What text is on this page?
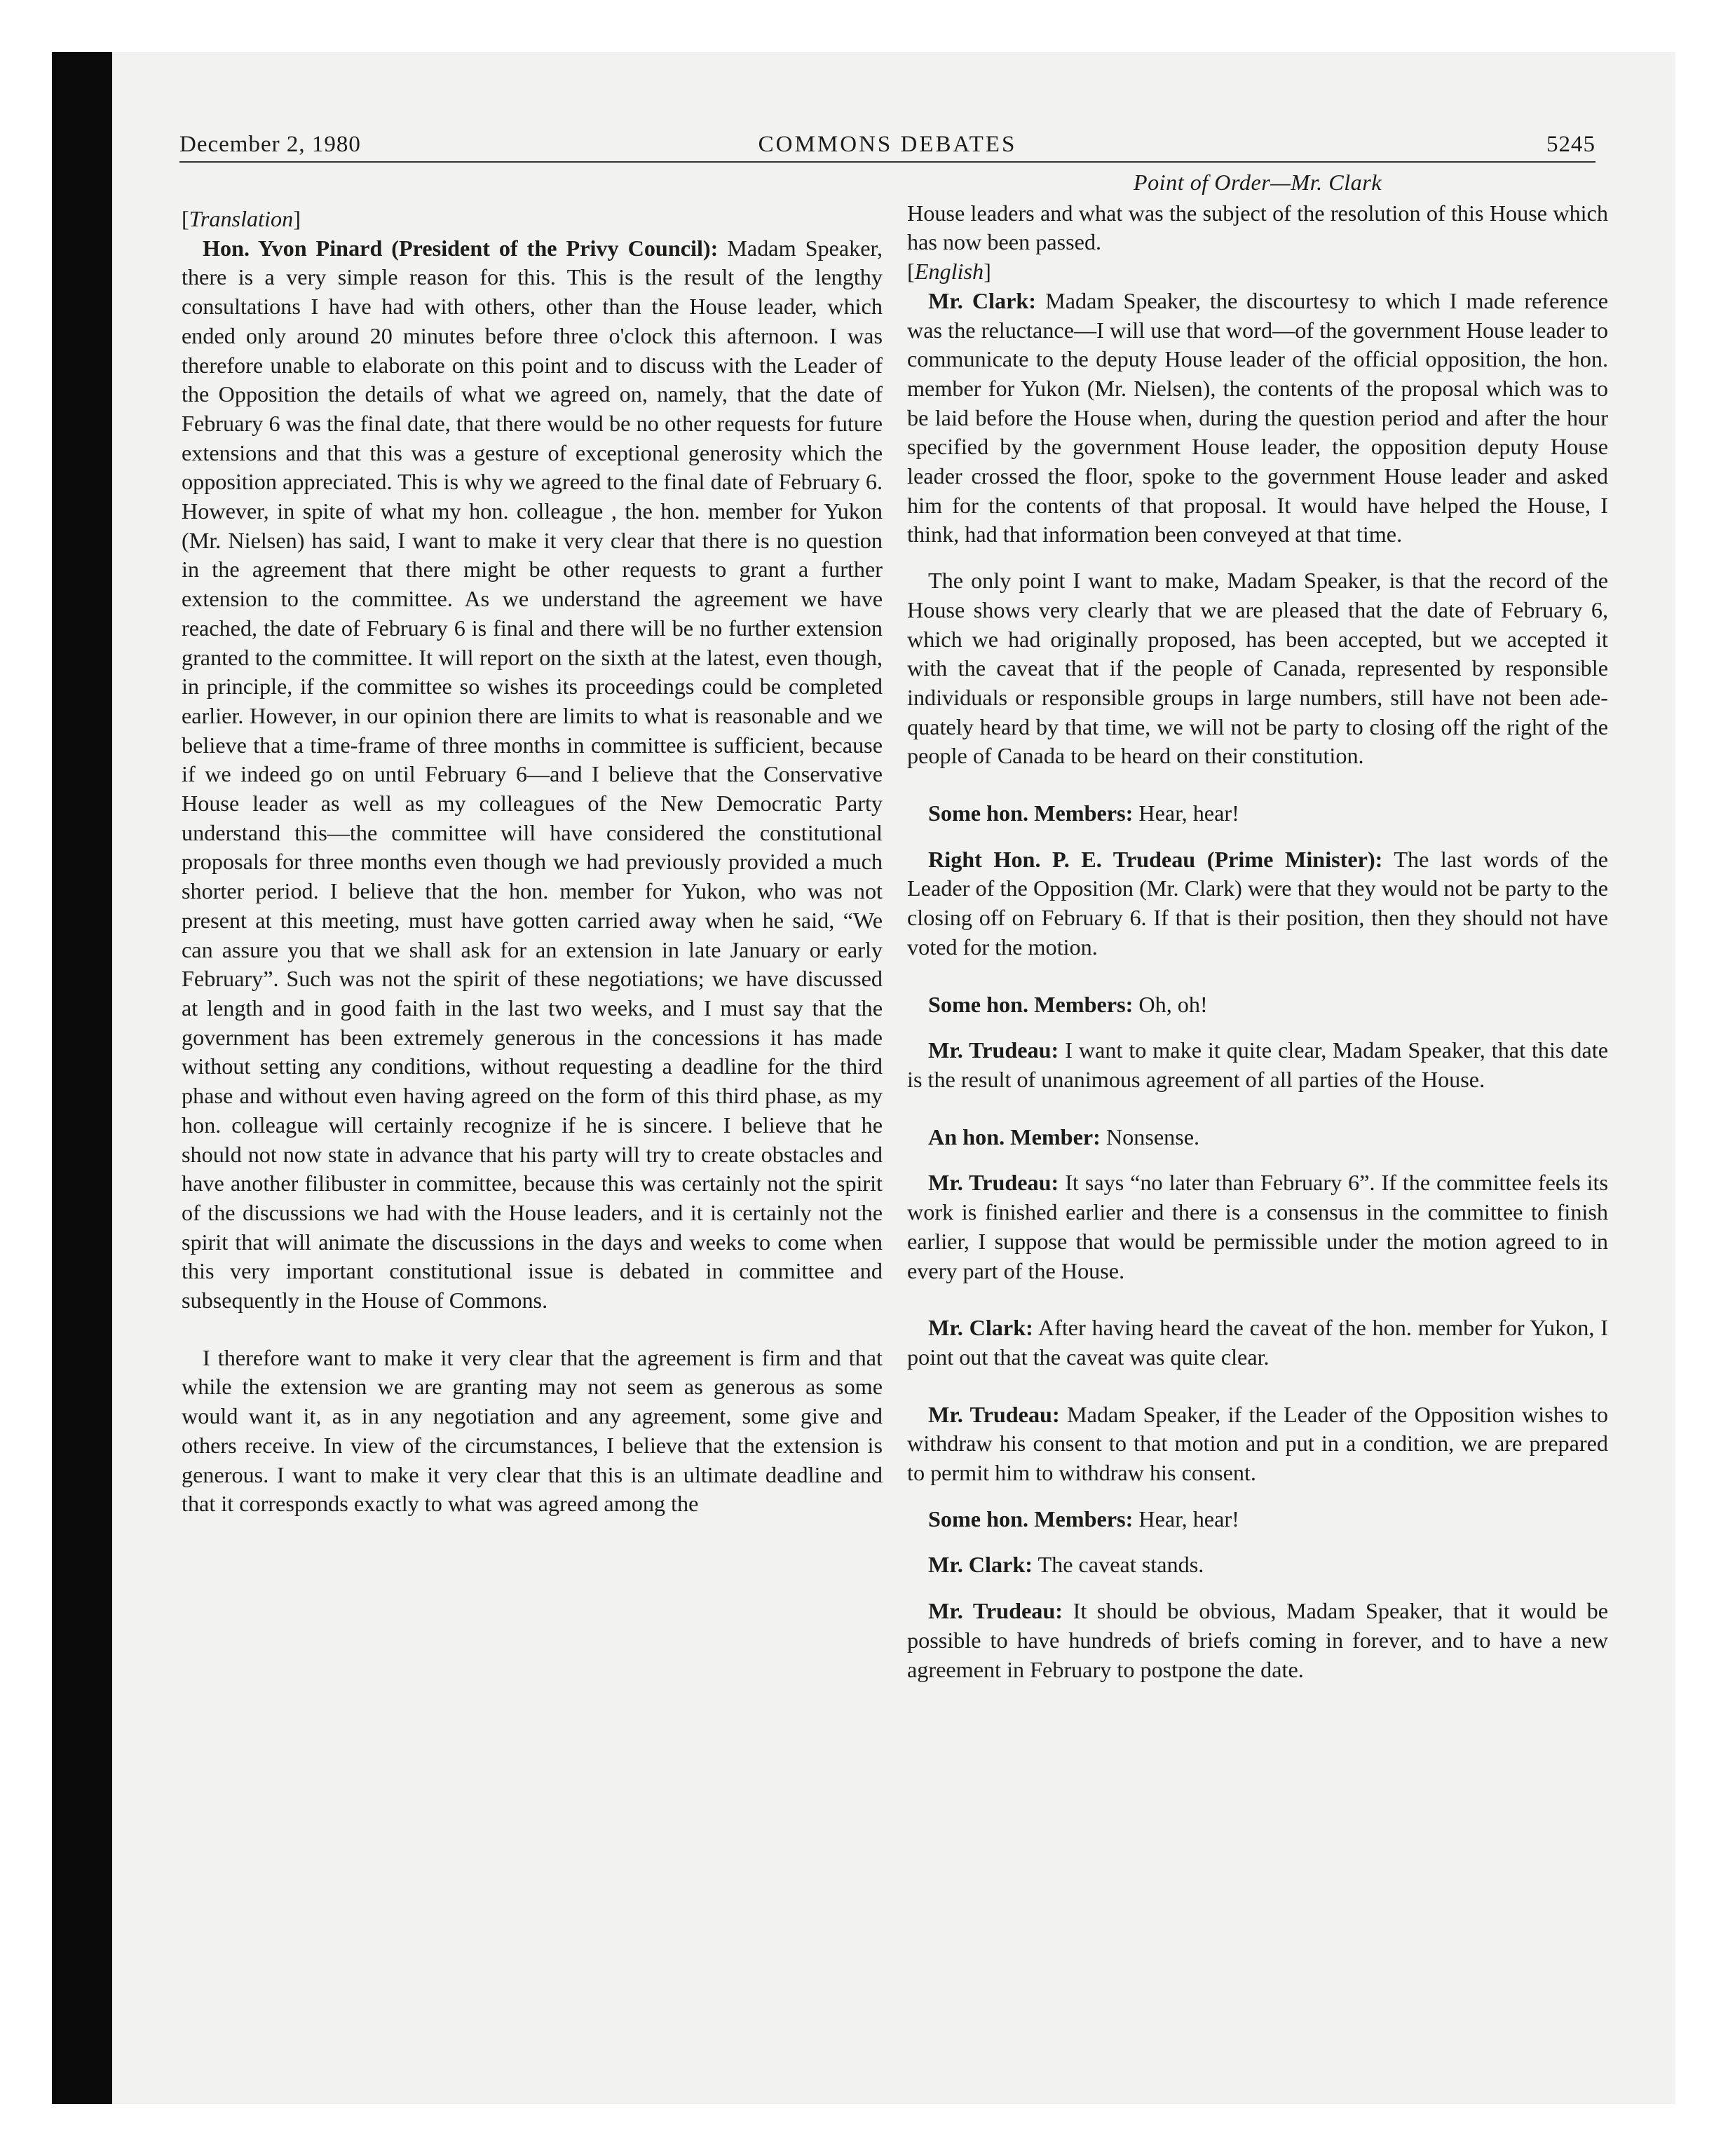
December 2, 1980	COMMONS DEBATES	5245

[Translation]

Hon. Yvon Pinard (President of the Privy Council): Madam Speaker, there is a very simple reason for this. This is the result of the lengthy consultations I have had with others, other than the House leader, which ended only around 20 minutes before three o'clock this afternoon. I was therefore unable to elaborate on this point and to discuss with the Leader of the Opposition the details of what we agreed on, namely, that the date of February 6 was the final date, that there would be no other requests for future extensions and that this was a gesture of exceptional generosity which the opposition appreciated. This is why we agreed to the final date of February 6. However, in spite of what my hon. colleague , the hon. member for Yukon (Mr. Nielsen) has said, I want to make it very clear that there is no question in the agreement that there might be other requests to grant a further extension to the committee. As we understand the agreement we have reached, the date of February 6 is final and there will be no further extension granted to the committee. It will report on the sixth at the latest, even though, in principle, if the committee so wishes its proceedings could be completed earlier. However, in our opinion there are limits to what is reasonable and we believe that a time-frame of three months in committee is sufficient, because if we indeed go on until February 6—and I believe that the Conservative House leader as well as my colleagues of the New Democratic Party understand this—the committee will have considered the constitutional proposals for three months even though we had previously provided a much shorter period. I believe that the hon. member for Yukon, who was not present at this meeting, must have gotten carried away when he said, “We can assure you that we shall ask for an extension in late January or early February”. Such was not the spirit of these negotiations; we have discussed at length and in good faith in the last two weeks, and I must say that the government has been extremely generous in the concessions it has made without setting any conditions, without requesting a deadline for the third phase and without even having agreed on the form of this third phase, as my hon. colleague will certainly recognize if he is sincere. I believe that he should not now state in advance that his party will try to create obstacles and have another filibuster in committee, because this was certainly not the spirit of the discussions we had with the House leaders, and it is certainly not the spirit that will animate the discussions in the days and weeks to come when this very important constitutional issue is debated in committee and subsequently in the House of Commons.

I therefore want to make it very clear that the agreement is firm and that while the extension we are granting may not seem as generous as some would want it, as in any negotiation and any agreement, some give and others receive. In view of the circumstances, I believe that the extension is generous. I want to make it very clear that this is an ultimate deadline and that it corresponds exactly to what was agreed among the

Point of Order—Mr. Clark

House leaders and what was the subject of the resolution of this House which has now been passed.

[English]

Mr. Clark: Madam Speaker, the discourtesy to which I made reference was the reluctance—I will use that word—of the government House leader to communicate to the deputy House leader of the official opposition, the hon. member for Yukon (Mr. Nielsen), the contents of the proposal which was to be laid before the House when, during the question period and after the hour specified by the government House leader, the opposition deputy House leader crossed the floor, spoke to the government House leader and asked him for the contents of that proposal. It would have helped the House, I think, had that information been conveyed at that time.

The only point I want to make, Madam Speaker, is that the record of the House shows very clearly that we are pleased that the date of February 6, which we had originally proposed, has been accepted, but we accepted it with the caveat that if the people of Canada, represented by responsible individuals or responsible groups in large numbers, still have not been adequately heard by that time, we will not be party to closing off the right of the people of Canada to be heard on their constitution.

Some hon. Members: Hear, hear!

Right Hon. P. E. Trudeau (Prime Minister): The last words of the Leader of the Opposition (Mr. Clark) were that they would not be party to the closing off on February 6. If that is their position, then they should not have voted for the motion.

Some hon. Members: Oh, oh!

Mr. Trudeau: I want to make it quite clear, Madam Speaker, that this date is the result of unanimous agreement of all parties of the House.

An hon. Member: Nonsense.

Mr. Trudeau: It says “no later than February 6”. If the committee feels its work is finished earlier and there is a consensus in the committee to finish earlier, I suppose that would be permissible under the motion agreed to in every part of the House.

Mr. Clark: After having heard the caveat of the hon. member for Yukon, I point out that the caveat was quite clear.

Mr. Trudeau: Madam Speaker, if the Leader of the Opposition wishes to withdraw his consent to that motion and put in a condition, we are prepared to permit him to withdraw his consent.

Some hon. Members: Hear, hear!

Mr. Clark: The caveat stands.

Mr. Trudeau: It should be obvious, Madam Speaker, that it would be possible to have hundreds of briefs coming in forever, and to have a new agreement in February to postpone the date.
